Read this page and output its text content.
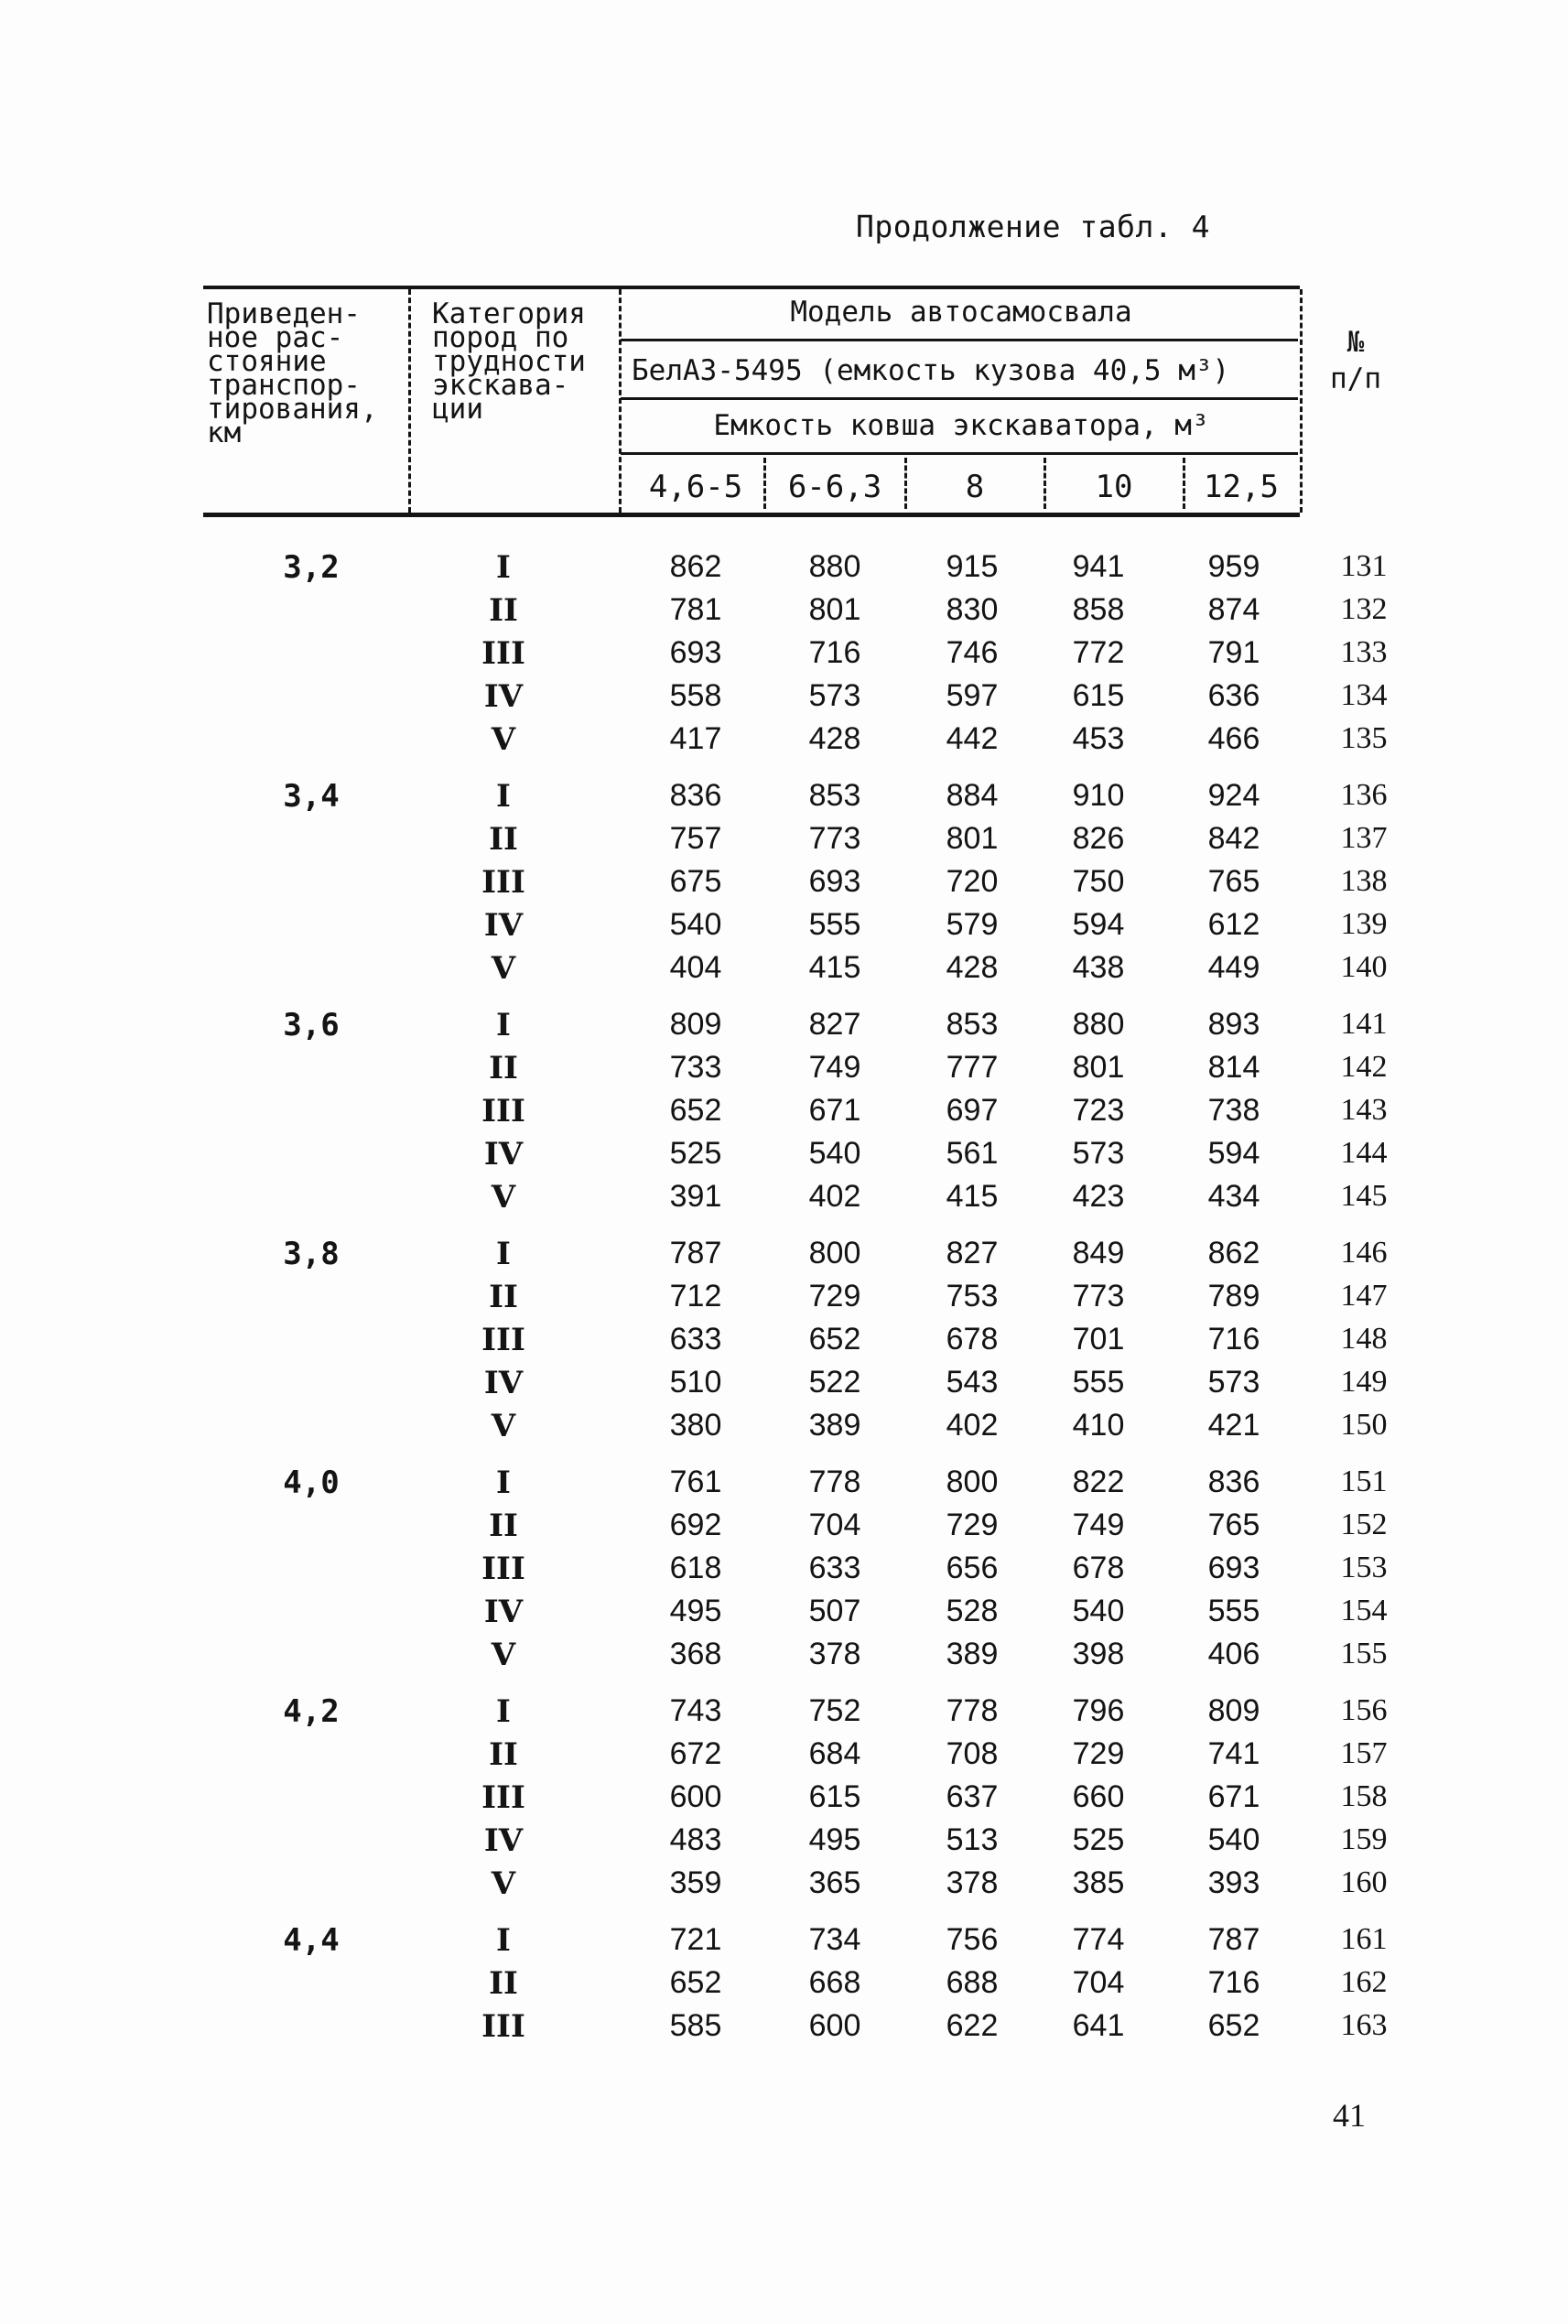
Продолжение табл. 4
Приведен-
ное рас-
стояние
транспор-
тирования,
км
Категория
пород по
трудности
экскава-
ции
Модель автосамосвала
БелАЗ-5495 (емкость кузова 40,5 м³)
Емкость ковша экскаватора, м³
№
п/п
4,6-5	6-6,3	8	10	12,5
3,2	I	862	880	915	941	959	131
II	781	801	830	858	874	132
III	693	716	746	772	791	133
IV	558	573	597	615	636	134
V	417	428	442	453	466	135
3,4	I	836	853	884	910	924	136
II	757	773	801	826	842	137
III	675	693	720	750	765	138
IV	540	555	579	594	612	139
V	404	415	428	438	449	140
3,6	I	809	827	853	880	893	141
II	733	749	777	801	814	142
III	652	671	697	723	738	143
IV	525	540	561	573	594	144
V	391	402	415	423	434	145
3,8	I	787	800	827	849	862	146
II	712	729	753	773	789	147
III	633	652	678	701	716	148
IV	510	522	543	555	573	149
V	380	389	402	410	421	150
4,0	I	761	778	800	822	836	151
II	692	704	729	749	765	152
III	618	633	656	678	693	153
IV	495	507	528	540	555	154
V	368	378	389	398	406	155
4,2	I	743	752	778	796	809	156
II	672	684	708	729	741	157
III	600	615	637	660	671	158
IV	483	495	513	525	540	159
V	359	365	378	385	393	160
4,4	I	721	734	756	774	787	161
II	652	668	688	704	716	162
III	585	600	622	641	652	163
41
